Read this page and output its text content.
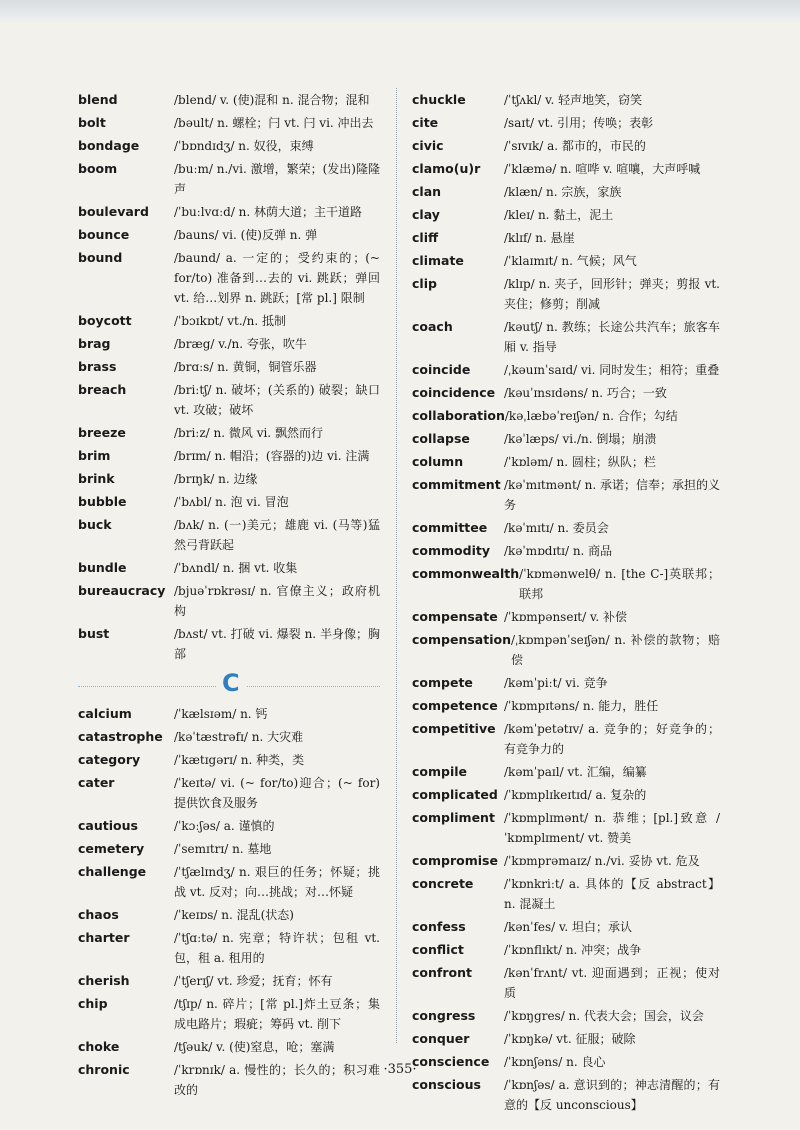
blend	/blend/ v. (使)混和 n. 混合物；混和
bolt	/bəult/ n. 螺栓；闩 vt. 闩 vi. 冲出去
bondage	/ˈbɒndɪdʒ/ n. 奴役，束缚
boom	/buːm/ n./vi. 激增，繁荣；(发出)隆隆声
boulevard	/ˈbuːlvɑːd/ n. 林荫大道；主干道路
bounce	/bauns/ vi. (使)反弹 n. 弹
bound	/baund/ a. 一定的；受约束的；(~ for/to) 准备到…去的 vi. 跳跃；弹回 vt. 给…划界 n. 跳跃；[常 pl.] 限制
boycott	/ˈbɔɪkɒt/ vt./n. 抵制
brag	/bræg/ v./n. 夸张，吹牛
brass	/brɑːs/ n. 黄铜，铜管乐器
breach	/briːtʃ/ n. 破坏；(关系的) 破裂；缺口 vt. 攻破；破坏
breeze	/briːz/ n. 微风 vi. 飘然而行
brim	/brɪm/ n. 帽沿；(容器的)边 vi. 注满
brink	/brɪŋk/ n. 边缘
bubble	/ˈbʌbl/ n. 泡 vi. 冒泡
buck	/bʌk/ n. (一)美元；雄鹿 vi. (马等)猛然弓背跃起
bundle	/ˈbʌndl/ n. 捆 vt. 收集
bureaucracy /bjuəˈrɒkrəsɪ/ n. 官僚主义；政府机构
bust	/bʌst/ vt. 打破 vi. 爆裂 n. 半身像；胸部
C
calcium	/ˈkælsɪəm/ n. 钙
catastrophe /kəˈtæstrəfɪ/ n. 大灾难
category	/ˈkætɪgərɪ/ n. 种类，类
cater	/ˈkeɪtə/ vi. (~ for/to)迎合；(~ for) 提供饮食及服务
cautious	/ˈkɔːʃəs/ a. 谨慎的
cemetery	/ˈsemɪtrɪ/ n. 墓地
challenge	/ˈtʃælɪndʒ/ n. 艰巨的任务；怀疑；挑战 vt. 反对；向…挑战；对…怀疑
chaos	/ˈkeɪɒs/ n. 混乱(状态)
charter	/ˈtʃɑːtə/ n. 宪章；特许状；包租 vt. 包，租 a. 租用的
cherish	/ˈtʃerɪʃ/ vt. 珍爱；抚育；怀有
chip	/tʃɪp/ n. 碎片；[常 pl.]炸土豆条；集成电路片；瑕疵；筹码 vt. 削下
choke	/tʃəuk/ v. (使)窒息，呛；塞满
chronic	/ˈkrɒnɪk/ a. 慢性的；长久的；积习难改的
chuckle	/ˈtʃʌkl/ v. 轻声地笑，窃笑
cite	/saɪt/ vt. 引用；传唤；表彰
civic	/ˈsɪvɪk/ a. 都市的，市民的
clamo(u)r	/ˈklæmə/ n. 喧哗 v. 喧嚷，大声呼喊
clan	/klæn/ n. 宗族，家族
clay	/kleɪ/ n. 黏土，泥土
cliff	/klɪf/ n. 悬崖
climate	/ˈklaɪmɪt/ n. 气候；风气
clip	/klɪp/ n. 夹子，回形针；弹夹；剪报 vt. 夹住；修剪；削减
coach	/kəutʃ/ n. 教练；长途公共汽车；旅客车厢 v. 指导
coincide	/ˌkəuɪnˈsaɪd/ vi. 同时发生；相符；重叠
coincidence /kəuˈɪnsɪdəns/ n. 巧合；一致
collaboration /kəˌlæbəˈreɪʃən/ n. 合作；勾结
collapse	/kəˈlæps/ vi./n. 倒塌；崩溃
column	/ˈkɒləm/ n. 圆柱；纵队；栏
commitment /kəˈmɪtmənt/ n. 承诺；信奉；承担的义务
committee	/kəˈmɪtɪ/ n. 委员会
commodity	/kəˈmɒdɪtɪ/ n. 商品
commonwealth /ˈkɒmənwelθ/ n. [the C-]英联邦；联邦
compensate /ˈkɒmpənseɪt/ v. 补偿
compensation /ˌkɒmpənˈseɪʃən/ n. 补偿的款物；赔偿
compete	/kəmˈpiːt/ vi. 竞争
competence /ˈkɒmpɪtəns/ n. 能力，胜任
competitive /kəmˈpetətɪv/ a. 竞争的；好竞争的；有竞争力的
compile	/kəmˈpaɪl/ vt. 汇编，编纂
complicated /ˈkɒmplɪkeɪtɪd/ a. 复杂的
compliment /ˈkɒmplɪmənt/ n. 恭维；[pl.]致意 /ˈkɒmplɪment/ vt. 赞美
compromise /ˈkɒmprəmaɪz/ n./vi. 妥协 vt. 危及
concrete	/ˈkɒnkriːt/ a. 具体的【反 abstract】 n. 混凝土
confess	/kənˈfes/ v. 坦白；承认
conflict	/ˈkɒnflɪkt/ n. 冲突；战争
confront	/kənˈfrʌnt/ vt. 迎面遇到；正视；使对质
congress	/ˈkɒŋgres/ n. 代表大会；国会，议会
conquer	/ˈkɒŋkə/ vt. 征服；破除
conscience	/ˈkɒnʃəns/ n. 良心
conscious	/ˈkɒnʃəs/ a. 意识到的；神志清醒的；有意的【反 unconscious】
·355·
